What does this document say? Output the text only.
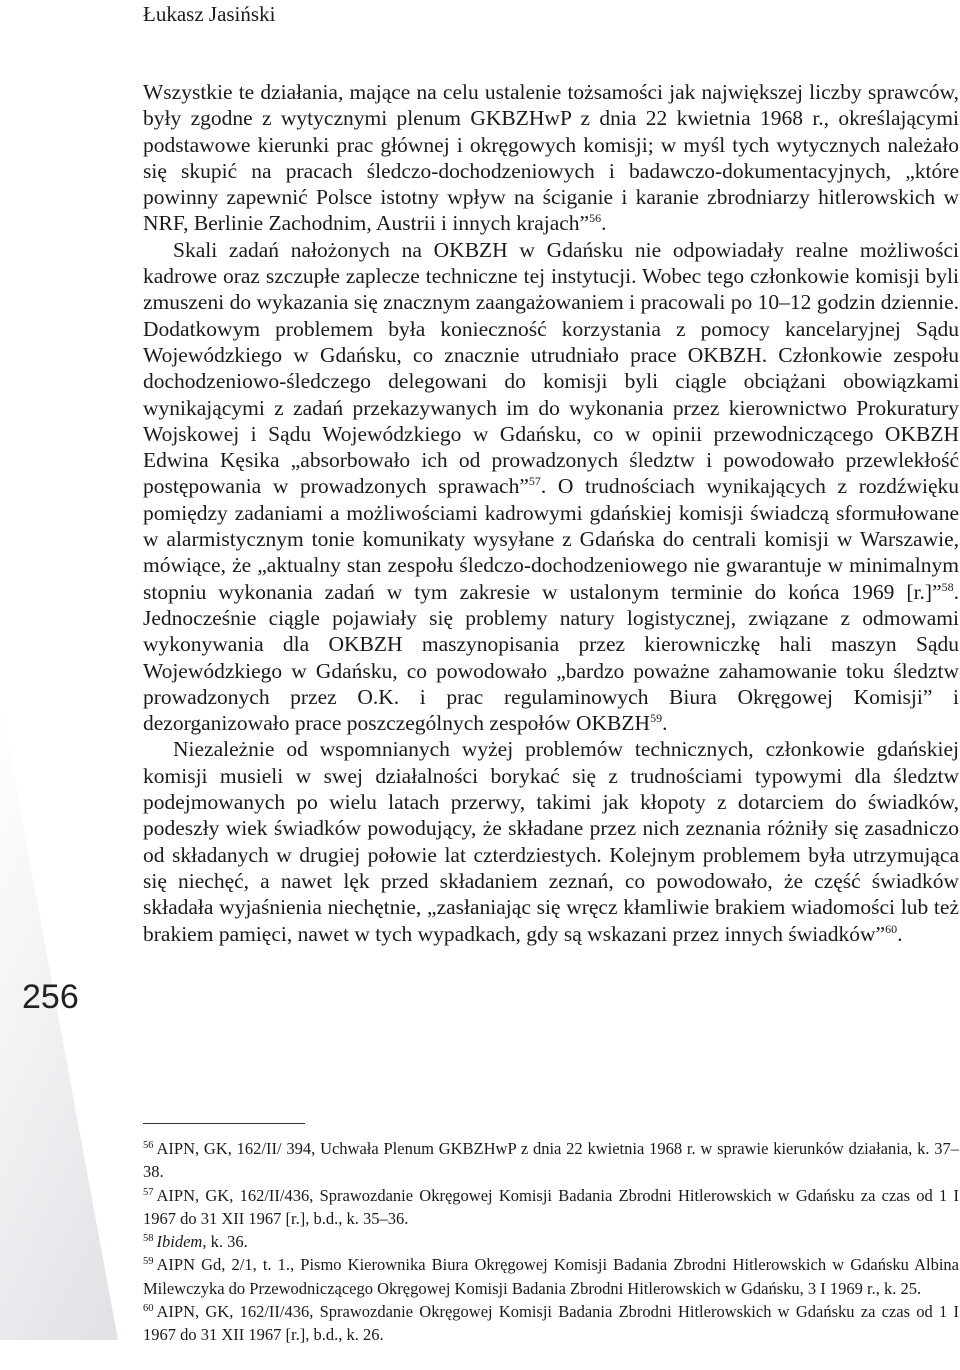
Łukasz Jasiński
256

Wszystkie te działania, mające na celu ustalenie tożsamości jak największej liczby sprawców, były zgodne z wytycznymi plenum GKBZHwP z dnia 22 kwietnia 1968 r., określającymi podstawowe kierunki prac głównej i okręgowych komisji; w myśl tych wytycznych należało się skupić na pracach śledczo-dochodzeniowych i badawczo-dokumentacyjnych, „które powinny zapewnić Polsce istotny wpływ na ściganie i karanie zbrodniarzy hitlerowskich w NRF, Berlinie Zachodnim, Austrii i innych krajach”$^{56}$.

Skali zadań nałożonych na OKBZH w Gdańsku nie odpowiadały realne możliwości kadrowe oraz szczupłe zaplecze techniczne tej instytucji. Wobec tego członkowie komisji byli zmuszeni do wykazania się znacznym zaangażowaniem i pracowali po 10–12 godzin dziennie. Dodatkowym problemem była konieczność korzystania z pomocy kancelaryjnej Sądu Wojewódzkiego w Gdańsku, co znacznie utrudniało prace OKBZH. Członkowie zespołu dochodzeniowo-śledczego delegowani do komisji byli ciągle obciążani obowiązkami wynikającymi z zadań przekazywanych im do wykonania przez kierownictwo Prokuratury Wojskowej i Sądu Wojewódzkiego w Gdańsku, co w opinii przewodniczącego OKBZH Edwina Kęsika „absorbowało ich od prowadzonych śledztw i powodowało przewlekłość postępowania w prowadzonych sprawach”$^{57}$. O trudnościach wynikających z rozdźwięku pomiędzy zadaniami a możliwościami kadrowymi gdańskiej komisji świadczą sformułowane w alarmistycznym tonie komunikaty wysyłane z Gdańska do centrali komisji w Warszawie, mówiące, że „aktualny stan zespołu śledczo-dochodzeniowego nie gwarantuje w minimalnym stopniu wykonania zadań w tym zakresie w ustalonym terminie do końca 1969 [r.]”$^{58}$. Jednocześnie ciągle pojawiały się problemy natury logistycznej, związane z odmowami wykonywania dla OKBZH maszynopisania przez kierowniczkę hali maszyn Sądu Wojewódzkiego w Gdańsku, co powodowało „bardzo poważne zahamowanie toku śledztw prowadzonych przez O.K. i prac regulaminowych Biura Okręgowej Komisji” i dezorganizowało prace poszczególnych zespołów OKBZH$^{59}$.

Niezależnie od wspomnianych wyżej problemów technicznych, członkowie gdańskiej komisji musieli w swej działalności borykać się z trudnościami typowymi dla śledztw podejmowanych po wielu latach przerwy, takimi jak kłopoty z dotarciem do świadków, podeszły wiek świadków powodujący, że składane przez nich zeznania różniły się zasadniczo od składanych w drugiej połowie lat czterdziestych. Kolejnym problemem była utrzymująca się niechęć, a nawet lęk przed składaniem zeznań, co powodowało, że część świadków składała wyjaśnienia niechętnie, „zasłaniając się wręcz kłamliwie brakiem wiadomości lub też brakiem pamięci, nawet w tych wypadkach, gdy są wskazani przez innych świadków”$^{60}$.

$^{56}$ AIPN, GK, 162/II/ 394, Uchwała Plenum GKBZHwP z dnia 22 kwietnia 1968 r. w sprawie kierunków działania, k. 37–38.

$^{57}$ AIPN, GK, 162/II/436, Sprawozdanie Okręgowej Komisji Badania Zbrodni Hitlerowskich w Gdańsku za czas od 1 I 1967 do 31 XII 1967 [r.], b.d., k. 35–36.

$^{58}$ Ibidem, k. 36.

$^{59}$ AIPN Gd, 2/1, t. 1., Pismo Kierownika Biura Okręgowej Komisji Badania Zbrodni Hitlerowskich w Gdańsku Albina Milewczyka do Przewodniczącego Okręgowej Komisji Badania Zbrodni Hitlerowskich w Gdańsku, 3 I 1969 r., k. 25.

$^{60}$ AIPN, GK, 162/II/436, Sprawozdanie Okręgowej Komisji Badania Zbrodni Hitlerowskich w Gdańsku za czas od 1 I 1967 do 31 XII 1967 [r.], b.d., k. 26.
